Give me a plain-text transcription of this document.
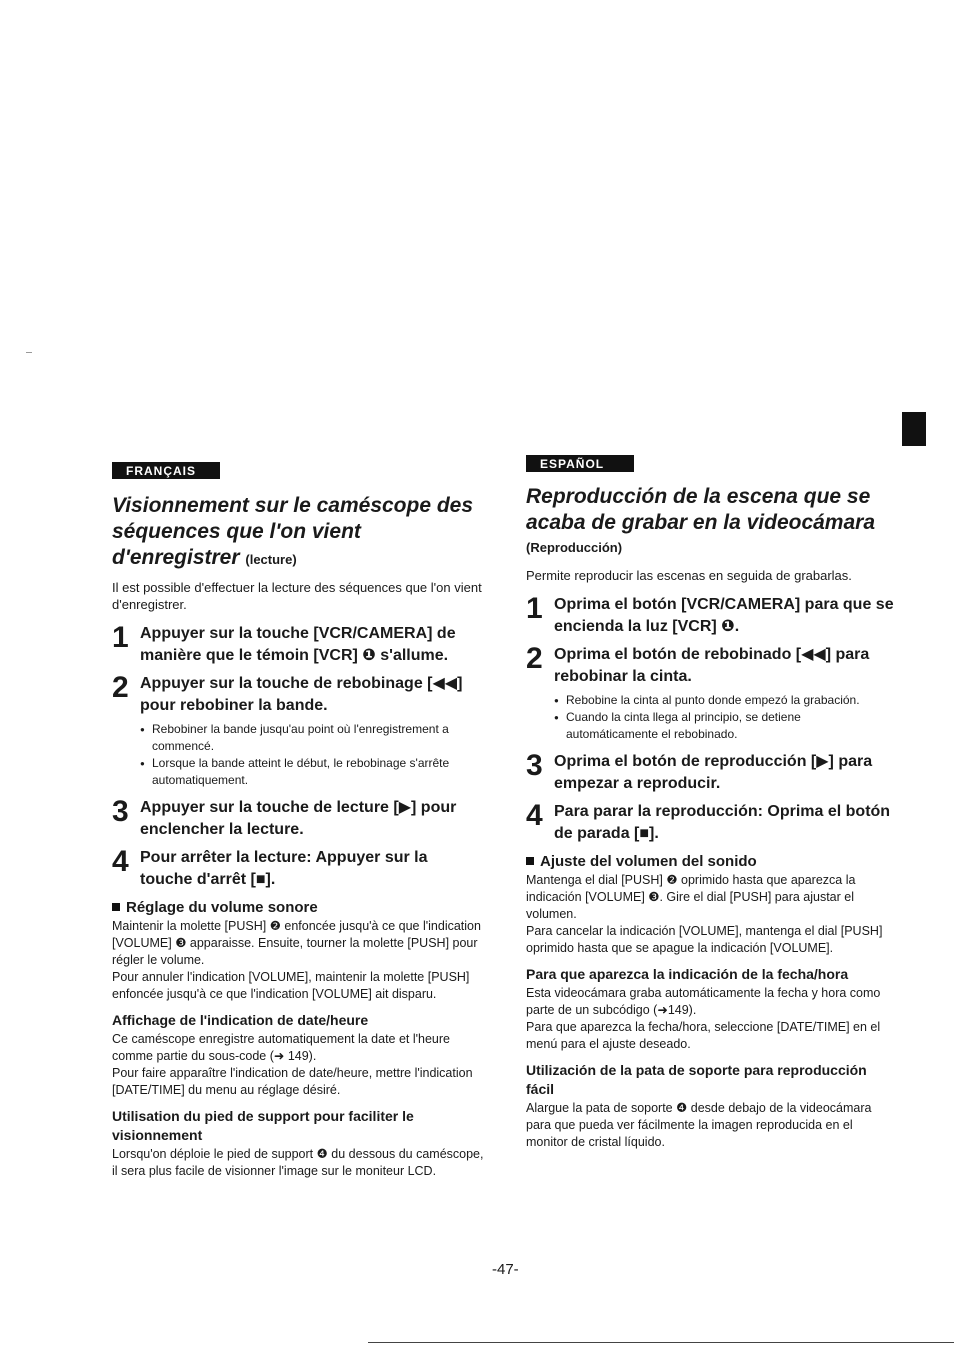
FRANÇAIS
Visionnement sur le caméscope des séquences que l'on vient d'enregistrer (lecture)

Il est possible d'effectuer la lecture des séquences que l'on vient d'enregistrer.

1 Appuyer sur la touche [VCR/CAMERA] de manière que le témoin [VCR] ❶ s'allume.
2 Appuyer sur la touche de rebobinage [◀◀] pour rebobiner la bande.
● Rebobiner la bande jusqu'au point où l'enregistrement a commencé.
● Lorsque la bande atteint le début, le rebobinage s'arrête automatiquement.
3 Appuyer sur la touche de lecture [▶] pour enclencher la lecture.
4 Pour arrêter la lecture: Appuyer sur la touche d'arrêt [■].
Réglage du volume sonore

Maintenir la molette [PUSH] ❷ enfoncée jusqu'à ce que l'indication [VOLUME] ❸ apparaisse. Ensuite, tourner la molette [PUSH] pour régler le volume.
Pour annuler l'indication [VOLUME], maintenir la molette [PUSH] enfoncée jusqu'à ce que l'indication [VOLUME] ait disparu.

Affichage de l'indication de date/heure

Ce caméscope enregistre automatiquement la date et l'heure comme partie du sous-code (➜ 149).
Pour faire apparaître l'indication de date/heure, mettre l'indication [DATE/TIME] du menu au réglage désiré.

Utilisation du pied de support pour faciliter le visionnement

Lorsqu'on déploie le pied de support ❹ du dessous du caméscope, il sera plus facile de visionner l'image sur le moniteur LCD.

ESPAÑOL
Reproducción de la escena que se acaba de grabar en la videocámara
(Reproducción)

Permite reproducir las escenas en seguida de grabarlas.

1 Oprima el botón [VCR/CAMERA] para que se encienda la luz [VCR] ❶.
2 Oprima el botón de rebobinado [◀◀] para rebobinar la cinta.
● Rebobine la cinta al punto donde empezó la grabación.
● Cuando la cinta llega al principio, se detiene automáticamente el rebobinado.
3 Oprima el botón de reproducción [▶] para empezar a reproducir.
4 Para parar la reproducción: Oprima el botón de parada [■].
Ajuste del volumen del sonido

Mantenga el dial [PUSH] ❷ oprimido hasta que aparezca la indicación [VOLUME] ❸. Gire el dial [PUSH] para ajustar el volumen.
Para cancelar la indicación [VOLUME], mantenga el dial [PUSH] oprimido hasta que se apague la indicación [VOLUME].

Para que aparezca la indicación de la fecha/hora

Esta videocámara graba automáticamente la fecha y hora como parte de un subcódigo (➜149).
Para que aparezca la fecha/hora, seleccione [DATE/TIME] en el menú para el ajuste deseado.

Utilización de la pata de soporte para reproducción fácil

Alargue la pata de soporte ❹ desde debajo de la videocámara para que pueda ver fácilmente la imagen reproducida en el monitor de cristal líquido.

-47-
